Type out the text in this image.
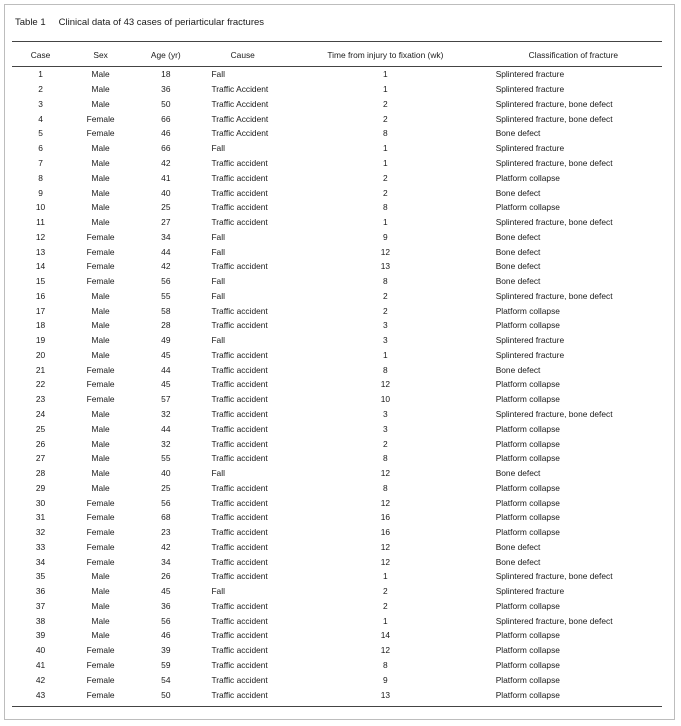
Table 1 Clinical data of 43 cases of periarticular fractures
Case	Sex	Age (yr)	Cause	Time from injury to fixation (wk)	Classification of fracture
1	Male	18	Fall	1	Splintered fracture
2	Male	36	Traffic Accident	1	Splintered fracture
3	Male	50	Traffic Accident	2	Splintered fracture, bone defect
4	Female	66	Traffic Accident	2	Splintered fracture, bone defect
5	Female	46	Traffic Accident	8	Bone defect
6	Male	66	Fall	1	Splintered fracture
7	Male	42	Traffic accident	1	Splintered fracture, bone defect
8	Male	41	Traffic accident	2	Platform collapse
9	Male	40	Traffic accident	2	Bone defect
10	Male	25	Traffic accident	8	Platform collapse
11	Male	27	Traffic accident	1	Splintered fracture, bone defect
12	Female	34	Fall	9	Bone defect
13	Female	44	Fall	12	Bone defect
14	Female	42	Traffic accident	13	Bone defect
15	Female	56	Fall	8	Bone defect
16	Male	55	Fall	2	Splintered fracture, bone defect
17	Male	58	Traffic accident	2	Platform collapse
18	Male	28	Traffic accident	3	Platform collapse
19	Male	49	Fall	3	Splintered fracture
20	Male	45	Traffic accident	1	Splintered fracture
21	Female	44	Traffic accident	8	Bone defect
22	Female	45	Traffic accident	12	Platform collapse
23	Female	57	Traffic accident	10	Platform collapse
24	Male	32	Traffic accident	3	Splintered fracture, bone defect
25	Male	44	Traffic accident	3	Platform collapse
26	Male	32	Traffic accident	2	Platform collapse
27	Male	55	Traffic accident	8	Platform collapse
28	Male	40	Fall	12	Bone defect
29	Male	25	Traffic accident	8	Platform collapse
30	Female	56	Traffic accident	12	Platform collapse
31	Female	68	Traffic accident	16	Platform collapse
32	Female	23	Traffic accident	16	Platform collapse
33	Female	42	Traffic accident	12	Bone defect
34	Female	34	Traffic accident	12	Bone defect
35	Male	26	Traffic accident	1	Splintered fracture, bone defect
36	Male	45	Fall	2	Splintered fracture
37	Male	36	Traffic accident	2	Platform collapse
38	Male	56	Traffic accident	1	Splintered fracture, bone defect
39	Male	46	Traffic accident	14	Platform collapse
40	Female	39	Traffic accident	12	Platform collapse
41	Female	59	Traffic accident	8	Platform collapse
42	Female	54	Traffic accident	9	Platform collapse
43	Female	50	Traffic accident	13	Platform collapse
